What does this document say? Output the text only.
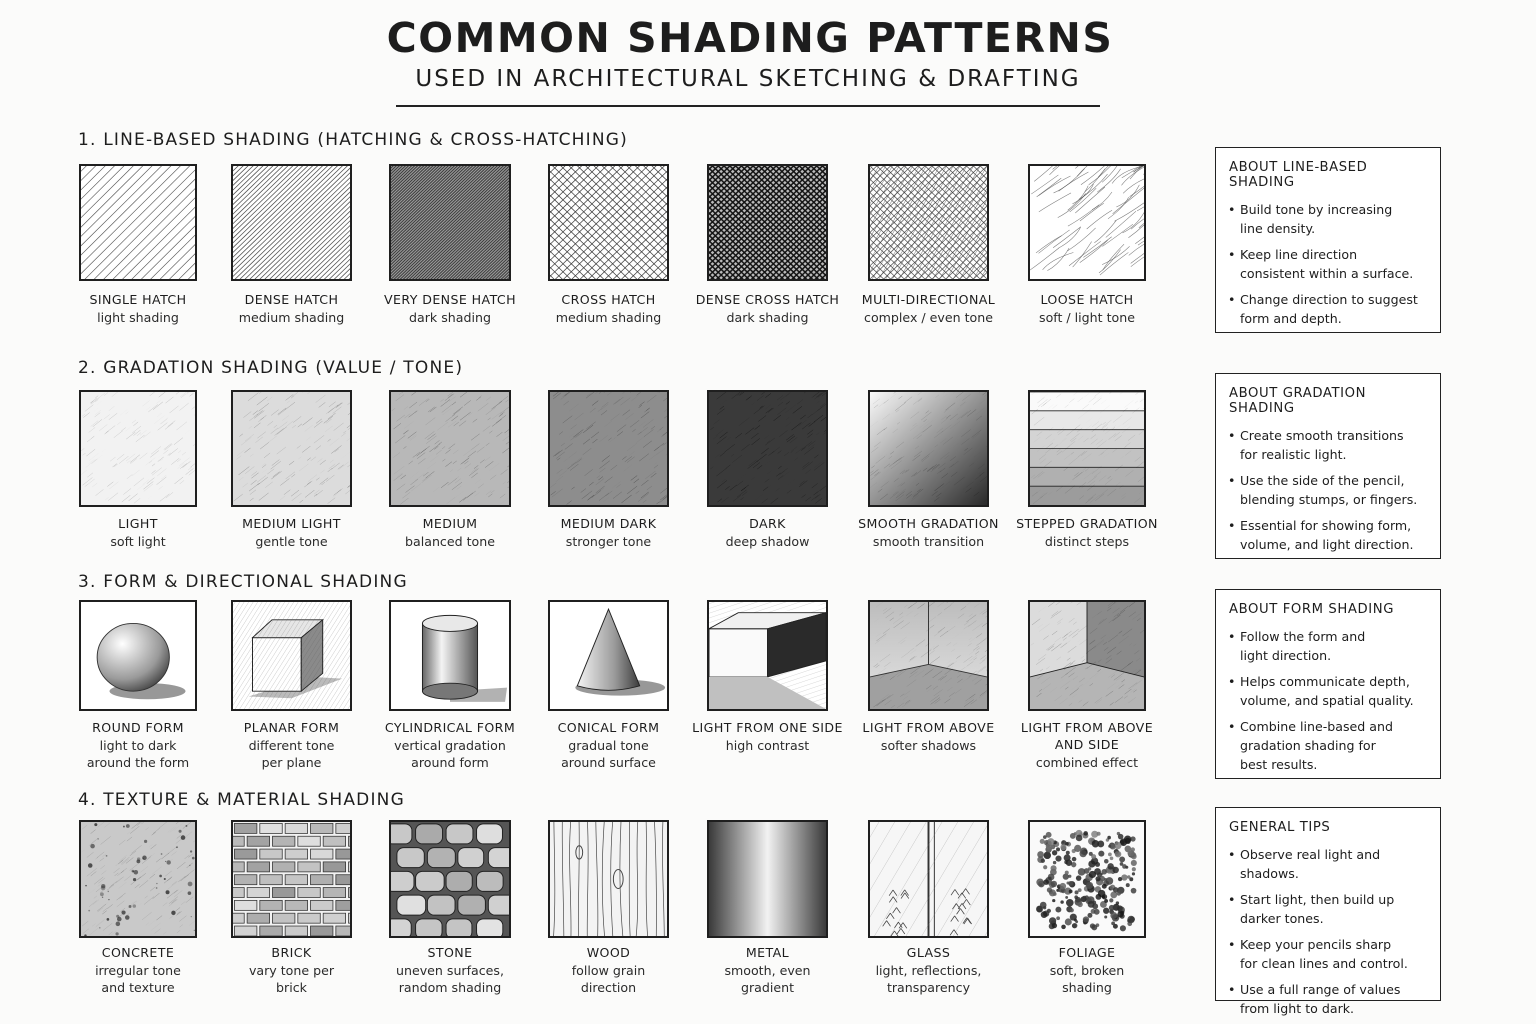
COMMON SHADING PATTERNS
USED IN ARCHITECTURAL SKETCHING & DRAFTING
1. LINE-BASED SHADING (HATCHING & CROSS-HATCHING)
SINGLE HATCH
light shading
DENSE HATCH
medium shading
VERY DENSE HATCH
dark shading
CROSS HATCH
medium shading
DENSE CROSS HATCH
dark shading
MULTI-DIRECTIONAL
complex / even tone
LOOSE HATCH
soft / light tone
2. GRADATION SHADING (VALUE / TONE)
LIGHT
soft light
MEDIUM LIGHT
gentle tone
MEDIUM
balanced tone
MEDIUM DARK
stronger tone
DARK
deep shadow
SMOOTH GRADATION
smooth transition
STEPPED GRADATION
distinct steps
3. FORM & DIRECTIONAL SHADING
ROUND FORM
light to dark
around the form
PLANAR FORM
different tone
per plane
CYLINDRICAL FORM
vertical gradation
around form
CONICAL FORM
gradual tone
around surface
LIGHT FROM ONE SIDE
high contrast
LIGHT FROM ABOVE
softer shadows
LIGHT FROM ABOVE
AND SIDE
combined effect
4. TEXTURE & MATERIAL SHADING
CONCRETE
irregular tone
and texture
BRICK
vary tone per
brick
STONE
uneven surfaces,
random shading
WOOD
follow grain
direction
METAL
smooth, even
gradient
GLASS
light, reflections,
transparency
FOLIAGE
soft, broken
shading
ABOUT LINE-BASED SHADING
• Build tone by increasing
line density.
• Keep line direction
consistent within a surface.
• Change direction to suggest
form and depth.
ABOUT GRADATION SHADING
• Create smooth transitions
for realistic light.
• Use the side of the pencil,
blending stumps, or fingers.
• Essential for showing form,
volume, and light direction.
ABOUT FORM SHADING
• Follow the form and
light direction.
• Helps communicate depth,
volume, and spatial quality.
• Combine line-based and
gradation shading for
best results.
GENERAL TIPS
• Observe real light and shadows.
• Start light, then build up
darker tones.
• Keep your pencils sharp
for clean lines and control.
• Use a full range of values
from light to dark.
